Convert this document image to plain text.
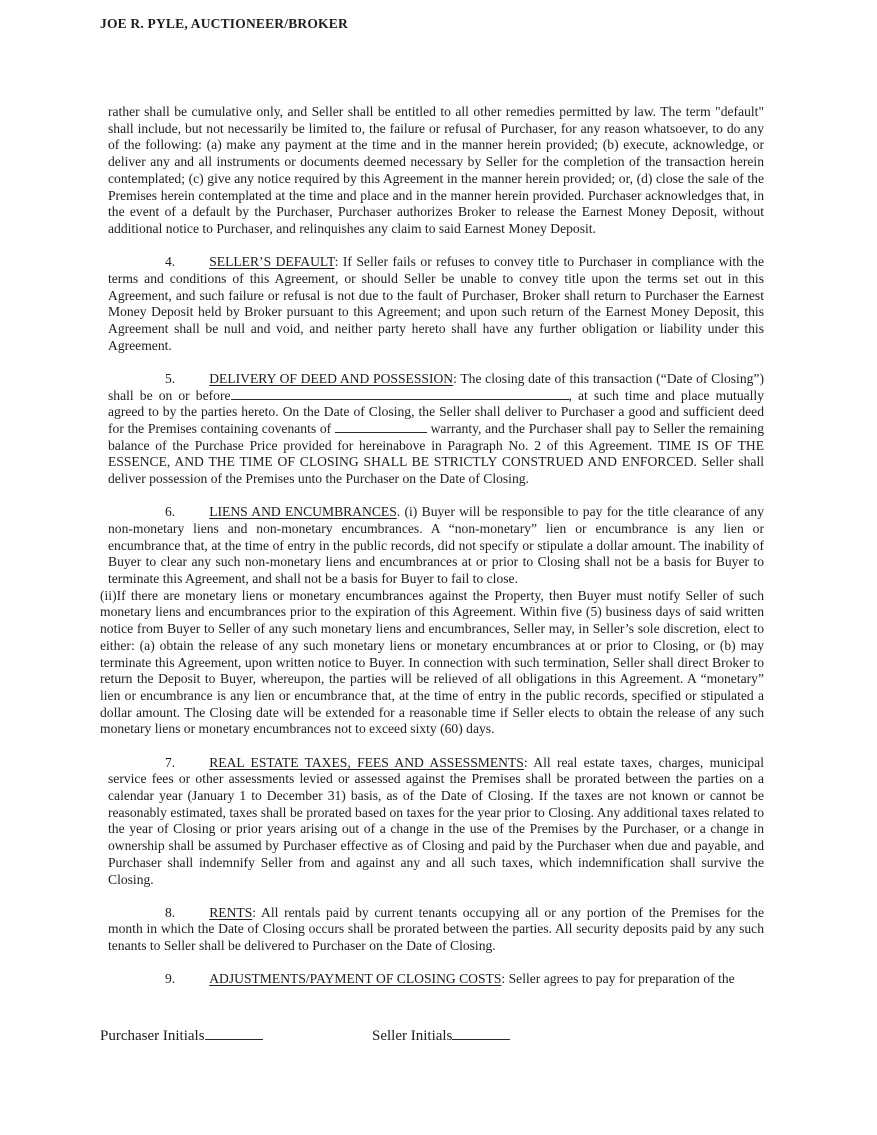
JOE R. PYLE, AUCTIONEER/BROKER

rather shall be cumulative only, and Seller shall be entitled to all other remedies permitted by law. The term "default" shall include, but not necessarily be limited to, the failure or refusal of Purchaser, for any reason whatsoever, to do any of the following: (a) make any payment at the time and in the manner herein provided; (b) execute, acknowledge, or deliver any and all instruments or documents deemed necessary by Seller for the completion of the transaction herein contemplated; (c) give any notice required by this Agreement in the manner herein provided; or, (d) close the sale of the Premises herein contemplated at the time and place and in the manner herein provided. Purchaser acknowledges that, in the event of a default by the Purchaser, Purchaser authorizes Broker to release the Earnest Money Deposit, without additional notice to Purchaser, and relinquishes any claim to said Earnest Money Deposit.

4.	SELLER’S DEFAULT: If Seller fails or refuses to convey title to Purchaser in compliance with the terms and conditions of this Agreement, or should Seller be unable to convey title upon the terms set out in this Agreement, and such failure or refusal is not due to the fault of Purchaser, Broker shall return to Purchaser the Earnest Money Deposit held by Broker pursuant to this Agreement; and upon such return of the Earnest Money Deposit, this Agreement shall be null and void, and neither party hereto shall have any further obligation or liability under this Agreement.

5.	DELIVERY OF DEED AND POSSESSION: The closing date of this transaction (“Date of Closing”) shall be on or before	, at such time and place mutually agreed to by the parties hereto. On the Date of Closing, the Seller shall deliver to Purchaser a good and sufficient deed for the Premises containing covenants of	warranty, and the Purchaser shall pay to Seller the remaining balance of the Purchase Price provided for hereinabove in Paragraph No. 2 of this Agreement. TIME IS OF THE ESSENCE, AND THE TIME OF CLOSING SHALL BE STRICTLY CONSTRUED AND ENFORCED. Seller shall deliver possession of the Premises unto the Purchaser on the Date of Closing.

6.	LIENS AND ENCUMBRANCES. (i) Buyer will be responsible to pay for the title clearance of any non-monetary liens and non-monetary encumbrances. A “non-monetary” lien or encumbrance is any lien or encumbrance that, at the time of entry in the public records, did not specify or stipulate a dollar amount. The inability of Buyer to clear any such non-monetary liens and encumbrances at or prior to Closing shall not be a basis for Buyer to terminate this Agreement, and shall not be a basis for Buyer to fail to close.

(ii)If there are monetary liens or monetary encumbrances against the Property, then Buyer must notify Seller of such monetary liens and encumbrances prior to the expiration of this Agreement. Within five (5) business days of said written notice from Buyer to Seller of any such monetary liens and encumbrances, Seller may, in Seller’s sole discretion, elect to either: (a) obtain the release of any such monetary liens or monetary encumbrances at or prior to Closing, or (b) may terminate this Agreement, upon written notice to Buyer. In connection with such termination, Seller shall direct Broker to return the Deposit to Buyer, whereupon, the parties will be relieved of all obligations in this Agreement. A “monetary” lien or encumbrance is any lien or encumbrance that, at the time of entry in the public records, specified or stipulated a dollar amount. The Closing date will be extended for a reasonable time if Seller elects to obtain the release of any such monetary liens or monetary encumbrances not to exceed sixty (60) days.

7.	REAL ESTATE TAXES, FEES AND ASSESSMENTS: All real estate taxes, charges, municipal service fees or other assessments levied or assessed against the Premises shall be prorated between the parties on a calendar year (January 1 to December 31) basis, as of the Date of Closing. If the taxes are not known or cannot be reasonably estimated, taxes shall be prorated based on taxes for the year prior to Closing. Any additional taxes related to the year of Closing or prior years arising out of a change in the use of the Premises by the Purchaser, or a change in ownership shall be assumed by Purchaser effective as of Closing and paid by the Purchaser when due and payable, and Purchaser shall indemnify Seller from and against any and all such taxes, which indemnification shall survive the Closing.

8.	RENTS: All rentals paid by current tenants occupying all or any portion of the Premises for the month in which the Date of Closing occurs shall be prorated between the parties. All security deposits paid by any such tenants to Seller shall be delivered to Purchaser on the Date of Closing.

9.	ADJUSTMENTS/PAYMENT OF CLOSING COSTS: Seller agrees to pay for preparation of the

Purchaser Initials	Seller Initials
